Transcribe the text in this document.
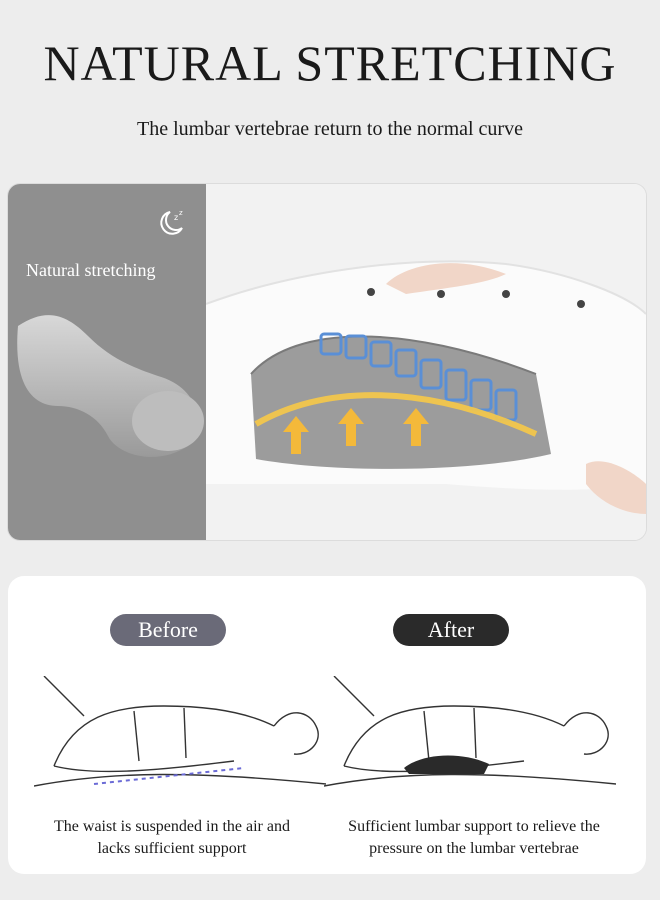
NATURAL STRETCHING

The lumbar vertebrae return to the normal curve

z z
Natural stretching
Before	After
The waist is suspended in the air and
lacks sufficient support
Sufficient lumbar support to relieve the
pressure on the lumbar vertebrae
